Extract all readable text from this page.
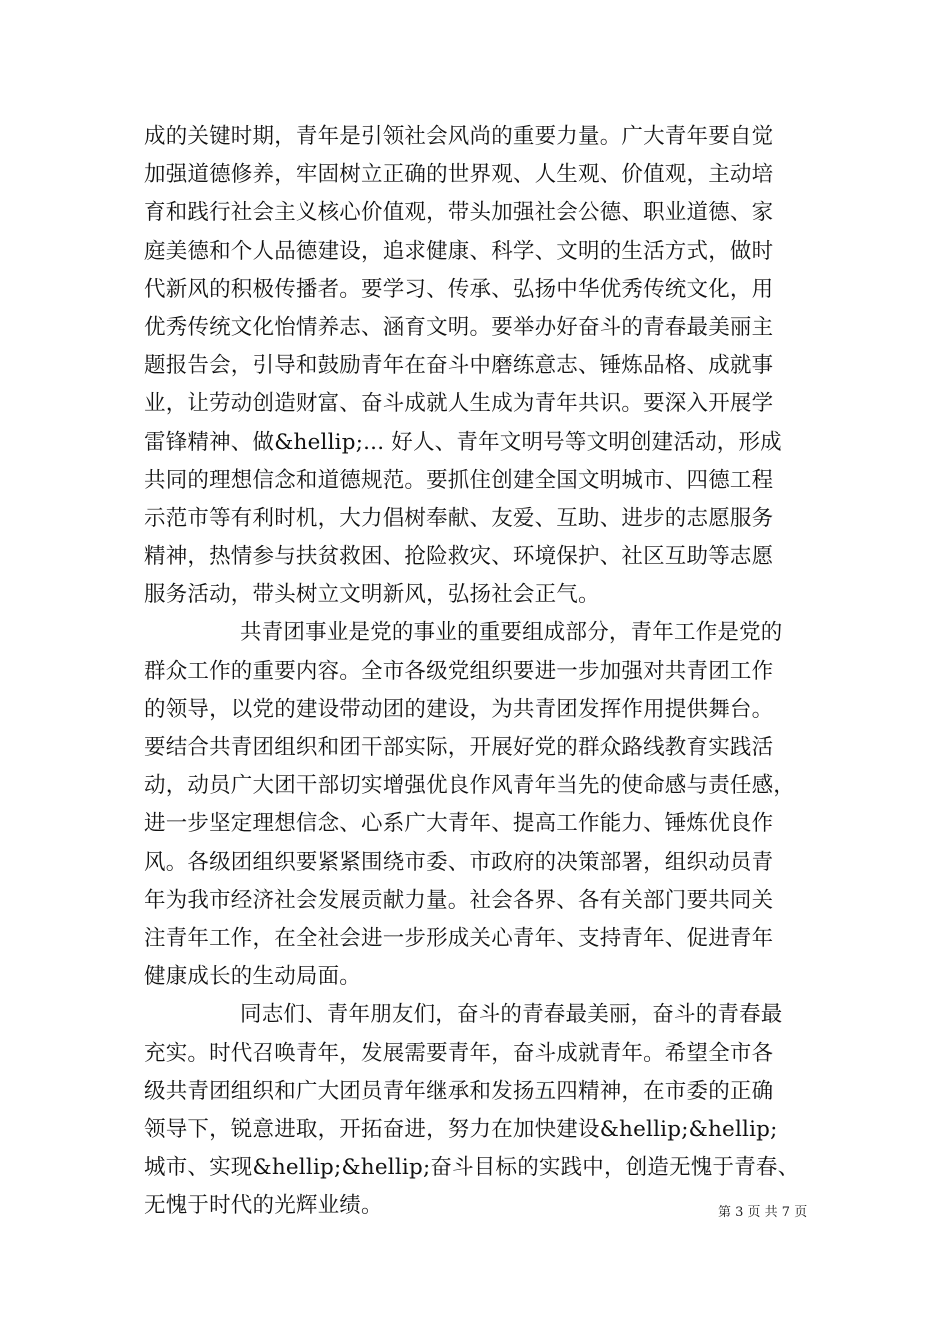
成的关键时期，青年是引领社会风尚的重要力量。广大青年要自觉
加强道德修养，牢固树立正确的世界观、人生观、价值观，主动培
育和践行社会主义核心价值观，带头加强社会公德、职业道德、家
庭美德和个人品德建设，追求健康、科学、文明的生活方式，做时
代新风的积极传播者。要学习、传承、弘扬中华优秀传统文化，用
优秀传统文化怡情养志、涵育文明。要举办好奋斗的青春最美丽主
题报告会，引导和鼓励青年在奋斗中磨练意志、锤炼品格、成就事
业，让劳动创造财富、奋斗成就人生成为青年共识。要深入开展学
雷锋精神、做&hellip;... 好人、青年文明号等文明创建活动，形成
共同的理想信念和道德规范。要抓住创建全国文明城市、四德工程
示范市等有利时机，大力倡树奉献、友爱、互助、进步的志愿服务
精神，热情参与扶贫救困、抢险救灾、环境保护、社区互助等志愿
服务活动，带头树立文明新风，弘扬社会正气。
共青团事业是党的事业的重要组成部分，青年工作是党的
群众工作的重要内容。全市各级党组织要进一步加强对共青团工作
的领导，以党的建设带动团的建设，为共青团发挥作用提供舞台。
要结合共青团组织和团干部实际，开展好党的群众路线教育实践活
动，动员广大团干部切实增强优良作风青年当先的使命感与责任感，
进一步坚定理想信念、心系广大青年、提高工作能力、锤炼优良作
风。各级团组织要紧紧围绕市委、市政府的决策部署，组织动员青
年为我市经济社会发展贡献力量。社会各界、各有关部门要共同关
注青年工作，在全社会进一步形成关心青年、支持青年、促进青年
健康成长的生动局面。
同志们、青年朋友们，奋斗的青春最美丽，奋斗的青春最
充实。时代召唤青年，发展需要青年，奋斗成就青年。希望全市各
级共青团组织和广大团员青年继承和发扬五四精神，在市委的正确
领导下，锐意进取，开拓奋进，努力在加快建设&hellip;&hellip;
城市、实现&hellip;&hellip;奋斗目标的实践中，创造无愧于青春、
无愧于时代的光辉业绩。	第 3 页 共 7 页
